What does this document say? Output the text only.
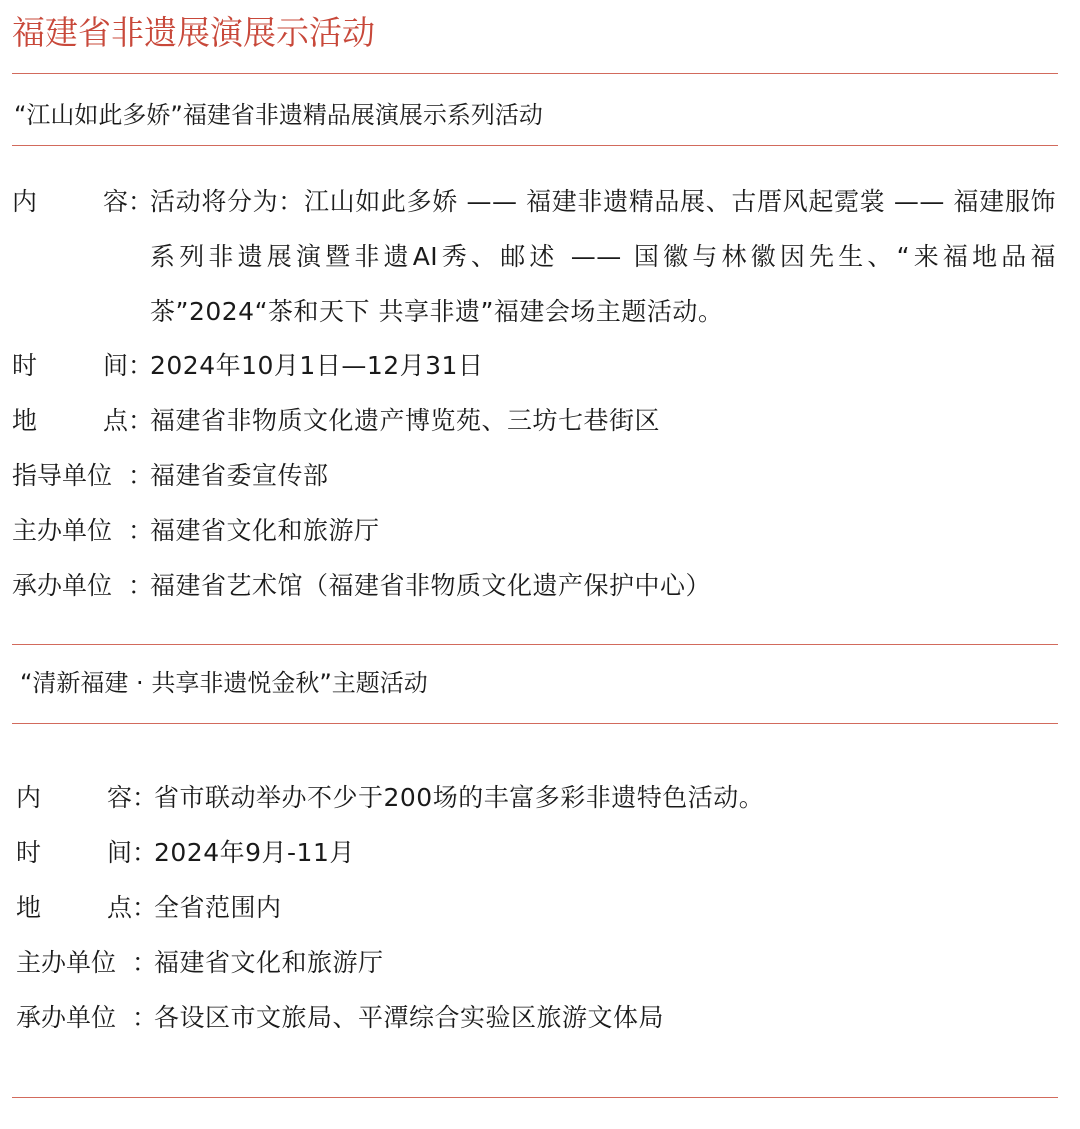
福建省非遗展演展示活动
“江山如此多娇”福建省非遗精品展演展示系列活动
内	容 ：
活动将分为：江山如此多娇 —— 福建非遗精品展、古厝风起霓裳 —— 福建服饰系列非遗展演暨非遗AI秀、邮述 —— 国徽与林徽因先生、“来福地品福茶”2024“茶和天下 共享非遗”福建会场主题活动。
时	间 ：
2024年10月1日—12月31日
地	点 ：
福建省非物质文化遗产博览苑、三坊七巷街区
指导单位 ：
福建省委宣传部
主办单位 ：
福建省文化和旅游厅
承办单位 ：
福建省艺术馆（福建省非物质文化遗产保护中心）
“清新福建 · 共享非遗悦金秋”主题活动
内	容 ：
省市联动举办不少于200场的丰富多彩非遗特色活动。
时	间 ：
2024年9月-11月
地	点 ：
全省范围内
主办单位 ：
福建省文化和旅游厅
承办单位 ：
各设区市文旅局、平潭综合实验区旅游文体局
